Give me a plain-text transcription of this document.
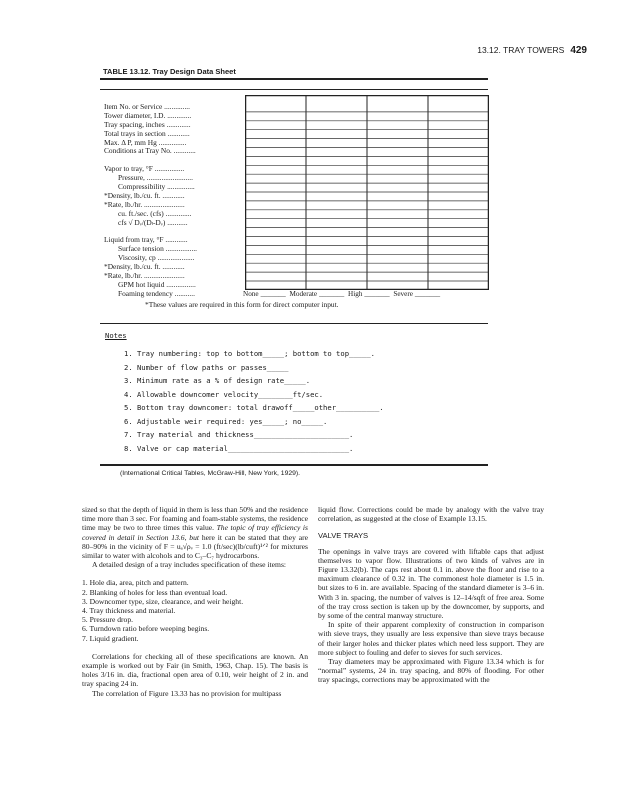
13.12. TRAY TOWERS 429
TABLE 13.12. Tray Design Data Sheet
Item No. or Service ..............
Tower diameter, I.D. .............
Tray spacing, inches .............
Total trays in section ............
Max. Δ P, mm Hg ...............
Conditions at Tray No. ............
Vapor to tray, °F ................
Pressure, .........................
Compressibility ...............
*Density, lb./cu. ft. ............
*Rate, lb./hr. ......................
cu. ft./sec. (cfs) ..............
cfs √ Dᵥ/(Dₗ-Dᵥ) ...........
Liquid from tray, °F ............
Surface tension .................
Viscosity, cp ....................
*Density, lb./cu. ft. ............
*Rate, lb./hr. ......................
GPM hot liquid ................
Foaming tendency ...........	None _______ Moderate _______ High _______ Severe _______
*These values are required in this form for direct computer input.
Notes
1. Tray numbering: top to bottom_____; bottom to top_____.
2. Number of flow paths or passes_____
3. Minimum rate as a % of design rate_____.
4. Allowable downcomer velocity________ft/sec.
5. Bottom tray downcomer: total drawoff_____other__________.
6. Adjustable weir required: yes_____; no_____.
7. Tray material and thickness______________________.
8. Valve or cap material____________________________.
(International Critical Tables, McGraw-Hill, New York, 1929).

sized so that the depth of liquid in them is less than 50% and the residence time more than 3 sec. For foaming and foam-stable systems, the residence time may be two to three times this value. The topic of tray efficiency is covered in detail in Section 13.6, but here it can be stated that they are 80–90% in the vicinity of F = uₐ√ρᵥ = 1.0 (ft/sec)(lb/cuft)¹ᐟ² for mixtures similar to water with alcohols and to C₃–C₇ hydrocarbons.

A detailed design of a tray includes specification of these items:

1. Hole dia, area, pitch and pattern.
2. Blanking of holes for less than eventual load.
3. Downcomer type, size, clearance, and weir height.
4. Tray thickness and material.
5. Pressure drop.
6. Turndown ratio before weeping begins.
7. Liquid gradient.

Correlations for checking all of these specifications are known. An example is worked out by Fair (in Smith, 1963, Chap. 15). The basis is holes 3/16 in. dia, fractional open area of 0.10, weir height of 2 in. and tray spacing 24 in.

The correlation of Figure 13.33 has no provision for multipass

liquid flow. Corrections could be made by analogy with the valve tray correlation, as suggested at the close of Example 13.15.

VALVE TRAYS

The openings in valve trays are covered with liftable caps that adjust themselves to vapor flow. Illustrations of two kinds of valves are in Figure 13.32(b). The caps rest about 0.1 in. above the floor and rise to a maximum clearance of 0.32 in. The commonest hole diameter is 1.5 in. but sizes to 6 in. are available. Spacing of the standard diameter is 3–6 in. With 3 in. spacing, the number of valves is 12–14/sqft of free area. Some of the tray cross section is taken up by the downcomer, by supports, and by some of the central manway structure.

In spite of their apparent complexity of construction in comparison with sieve trays, they usually are less expensive than sieve trays because of their larger holes and thicker plates which need less support. They are more subject to fouling and defer to sieves for such services.

Tray diameters may be approximated with Figure 13.34 which is for “normal” systems, 24 in. tray spacing, and 80% of flooding. For other tray spacings, corrections may be approximated with the
